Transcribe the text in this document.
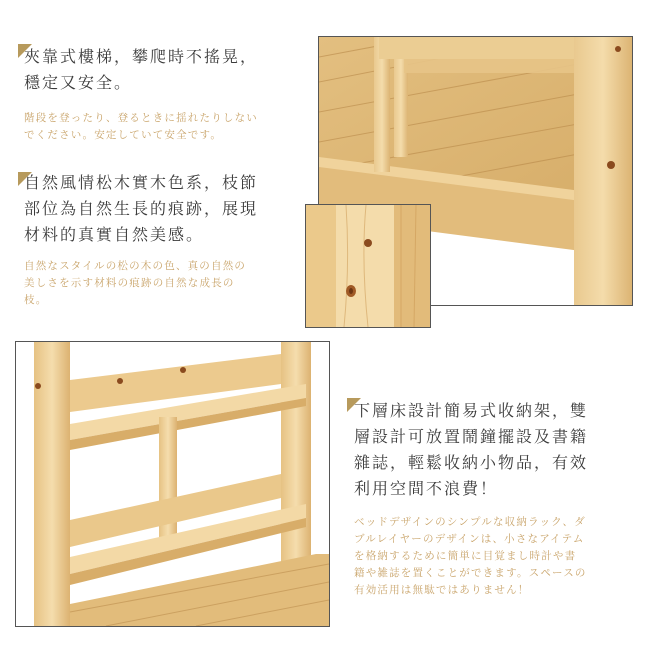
夾靠式樓梯，攀爬時不搖晃，

穩定又安全。

階段を登ったり、登るときに揺れたりしない

でください。安定していて安全です。

自然風情松木實木色系，枝節

部位為自然生長的痕跡，展現

材料的真實自然美感。

自然なスタイルの松の木の色、真の自然の

美しさを示す材料の痕跡の自然な成長の

枝。

下層床設計簡易式收納架，雙

層設計可放置鬧鐘擺設及書籍

雜誌，輕鬆收納小物品，有效

利用空間不浪費！

ベッドデザインのシンプルな収納ラック、ダ

ブルレイヤーのデザインは、小さなアイテム

を格納するために簡単に目覚まし時計や書

籍や雑誌を置くことができます。スペースの

有効活用は無駄ではありません！
